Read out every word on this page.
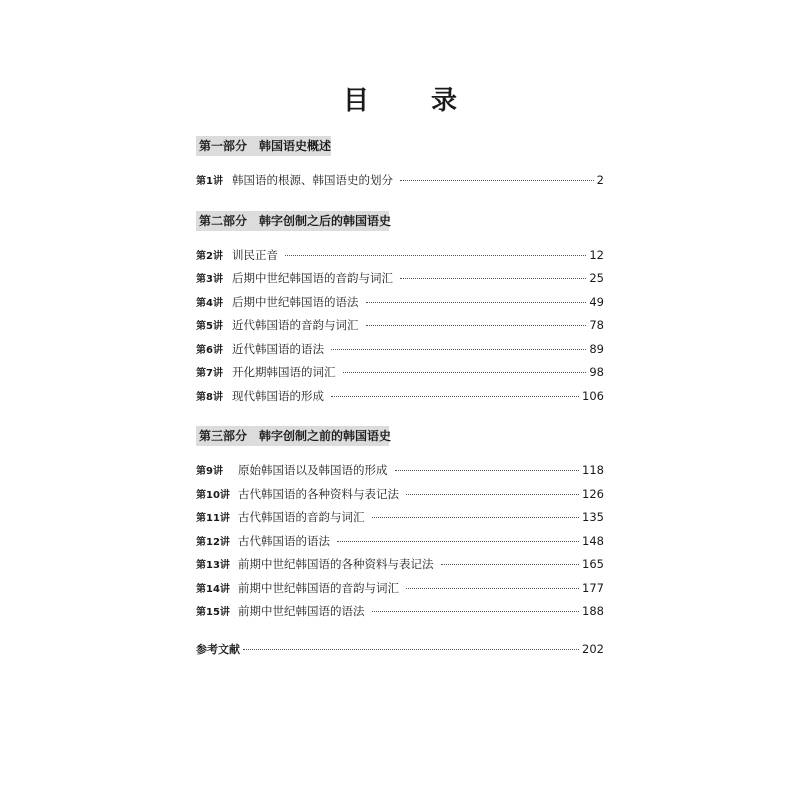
目　录
第一部分　韩国语史概述
第1讲 韩国语的根源、韩国语史的划分	2
第二部分　韩字创制之后的韩国语史
第2讲 训民正音	12
第3讲 后期中世纪韩国语的音韵与词汇	25
第4讲 后期中世纪韩国语的语法	49
第5讲 近代韩国语的音韵与词汇	78
第6讲 近代韩国语的语法	89
第7讲 开化期韩国语的词汇	98
第8讲 现代韩国语的形成	106
第三部分　韩字创制之前的韩国语史
第9讲	原始韩国语以及韩国语的形成	118
第10讲 古代韩国语的各种资料与表记法	126
第11讲 古代韩国语的音韵与词汇	135
第12讲 古代韩国语的语法	148
第13讲 前期中世纪韩国语的各种资料与表记法	165
第14讲 前期中世纪韩国语的音韵与词汇	177
第15讲 前期中世纪韩国语的语法	188
参考文献	202
